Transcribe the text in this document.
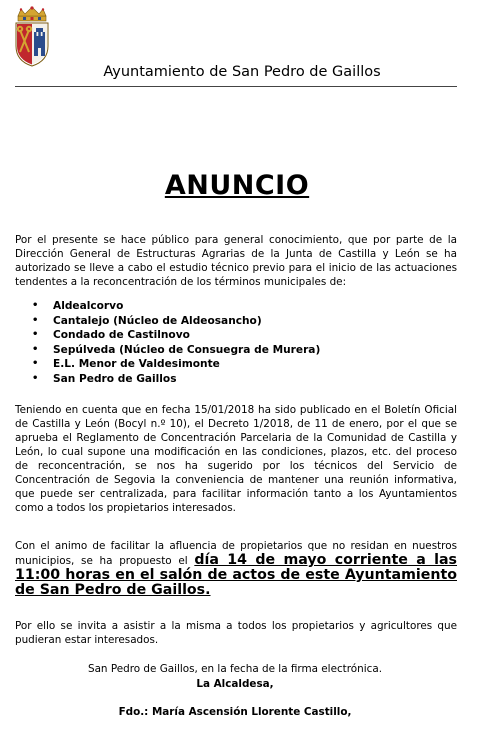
Ayuntamiento de San Pedro de Gaillos
ANUNCIO

Por el presente se hace público para general conocimiento, que por parte de la Dirección General de Estructuras Agrarias de la Junta de Castilla y León se ha autorizado se lleve a cabo el estudio técnico previo para el inicio de las actuaciones tendentes a la reconcentración de los términos municipales de:

• Aldealcorvo
• Cantalejo (Núcleo de Aldeosancho)
• Condado de Castilnovo
• Sepúlveda (Núcleo de Consuegra de Murera)
• E.L. Menor de Valdesimonte
• San Pedro de Gaillos

Teniendo en cuenta que en fecha 15/01/2018 ha sido publicado en el Boletín Oficial de Castilla y León (Bocyl n.º 10), el Decreto 1/2018, de 11 de enero, por el que se aprueba el Reglamento de Concentración Parcelaria de la Comunidad de Castilla y León, lo cual supone una modificación en las condiciones, plazos, etc. del proceso de reconcentración, se nos ha sugerido por los técnicos del Servicio de Concentración de Segovia la conveniencia de mantener una reunión informativa, que puede ser centralizada, para facilitar información tanto a los Ayuntamientos como a todos los propietarios interesados.

Con el animo de facilitar la afluencia de propietarios que no residan en nuestros municipios, se ha propuesto el día 14 de mayo corriente a las 11:00 horas en el salón de actos de este Ayuntamiento de San Pedro de Gaillos.

Por ello se invita a asistir a la misma a todos los propietarios y agricultores que pudieran estar interesados.

San Pedro de Gaillos, en la fecha de la firma electrónica.
La Alcaldesa,
Fdo.: María Ascensión Llorente Castillo,
